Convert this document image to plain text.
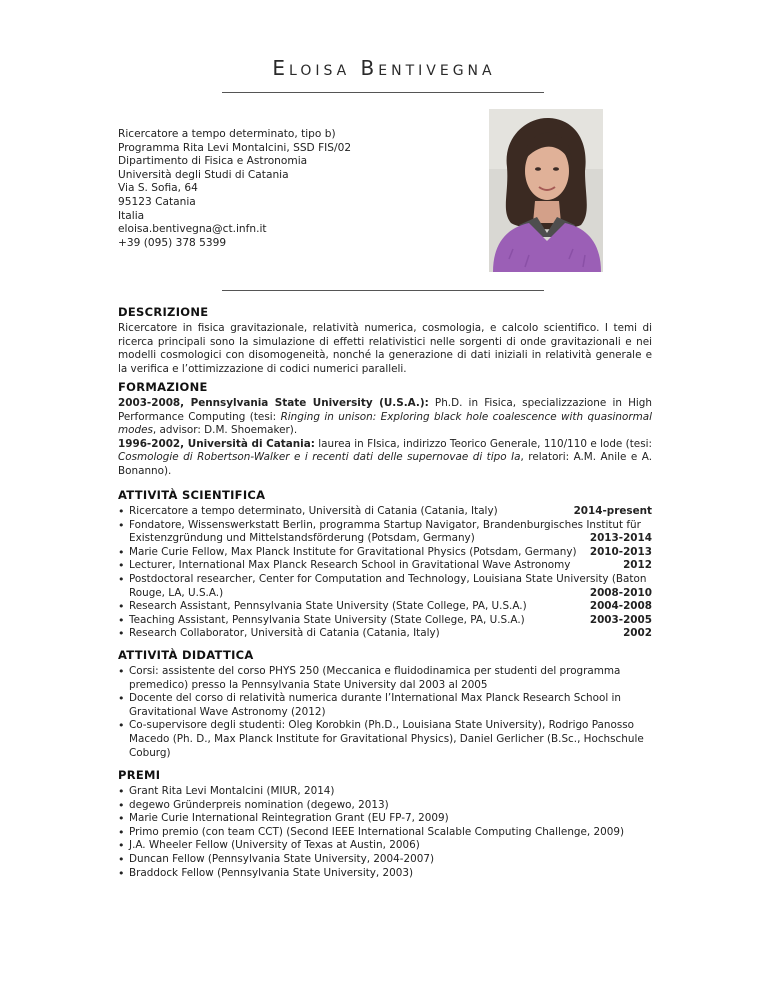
Eloisa Bentivegna
Ricercatore a tempo determinato, tipo b)
Programma Rita Levi Montalcini, SSD FIS/02
Dipartimento di Fisica e Astronomia
Università degli Studi di Catania
Via S. Sofia, 64
95123 Catania
Italia
eloisa.bentivegna@ct.infn.it
+39 (095) 378 5399
DESCRIZIONE
Ricercatore in fisica gravitazionale, relatività numerica, cosmologia, e calcolo scientifico. I temi di ricerca principali sono la simulazione di effetti relativistici nelle sorgenti di onde gravitazionali e nei modelli cosmologici con disomogeneità, nonché la generazione di dati iniziali in relatività generale e la verifica e l’ottimizzazione di codici numerici paralleli.
FORMAZIONE
2003-2008, Pennsylvania State University (U.S.A.): Ph.D. in Fisica, specializzazione in High Performance Computing (tesi: Ringing in unison: Exploring black hole coalescence with quasinormal modes, advisor: D.M. Shoemaker).
1996-2002, Università di Catania: laurea in FIsica, indirizzo Teorico Generale, 110/110 e lode (tesi: Cosmologie di Robertson-Walker e i recenti dati delle supernovae di tipo Ia, relatori: A.M. Anile e A. Bonanno).
ATTIVITÀ SCIENTIFICA
• Ricercatore a tempo determinato, Università di Catania (Catania, Italy)	2014-present
• Fondatore, Wissenswerkstatt Berlin, programma Startup Navigator, Brandenburgisches Institut für Existenzgründung und Mittelstandsförderung (Potsdam, Germany)	2013-2014
• Marie Curie Fellow, Max Planck Institute for Gravitational Physics (Potsdam, Germany)	2010-2013
• Lecturer, International Max Planck Research School in Gravitational Wave Astronomy	2012
• Postdoctoral researcher, Center for Computation and Technology, Louisiana State University (Baton Rouge, LA, U.S.A.)	2008-2010
• Research Assistant, Pennsylvania State University (State College, PA, U.S.A.)	2004-2008
• Teaching Assistant, Pennsylvania State University (State College, PA, U.S.A.)	2003-2005
• Research Collaborator, Università di Catania (Catania, Italy)	2002
ATTIVITÀ DIDATTICA
• Corsi: assistente del corso PHYS 250 (Meccanica e fluidodinamica per studenti del programma premedico) presso la Pennsylvania State University dal 2003 al 2005
• Docente del corso di relatività numerica durante l’International Max Planck Research School in Gravitational Wave Astronomy (2012)
• Co-supervisore degli studenti: Oleg Korobkin (Ph.D., Louisiana State University), Rodrigo Panosso Macedo (Ph. D., Max Planck Institute for Gravitational Physics), Daniel Gerlicher (B.Sc., Hochschule Coburg)
PREMI
• Grant Rita Levi Montalcini (MIUR, 2014)
• degewo Gründerpreis nomination (degewo, 2013)
• Marie Curie International Reintegration Grant (EU FP-7, 2009)
• Primo premio (con team CCT) (Second IEEE International Scalable Computing Challenge, 2009)
• J.A. Wheeler Fellow (University of Texas at Austin, 2006)
• Duncan Fellow (Pennsylvania State University, 2004-2007)
• Braddock Fellow (Pennsylvania State University, 2003)
